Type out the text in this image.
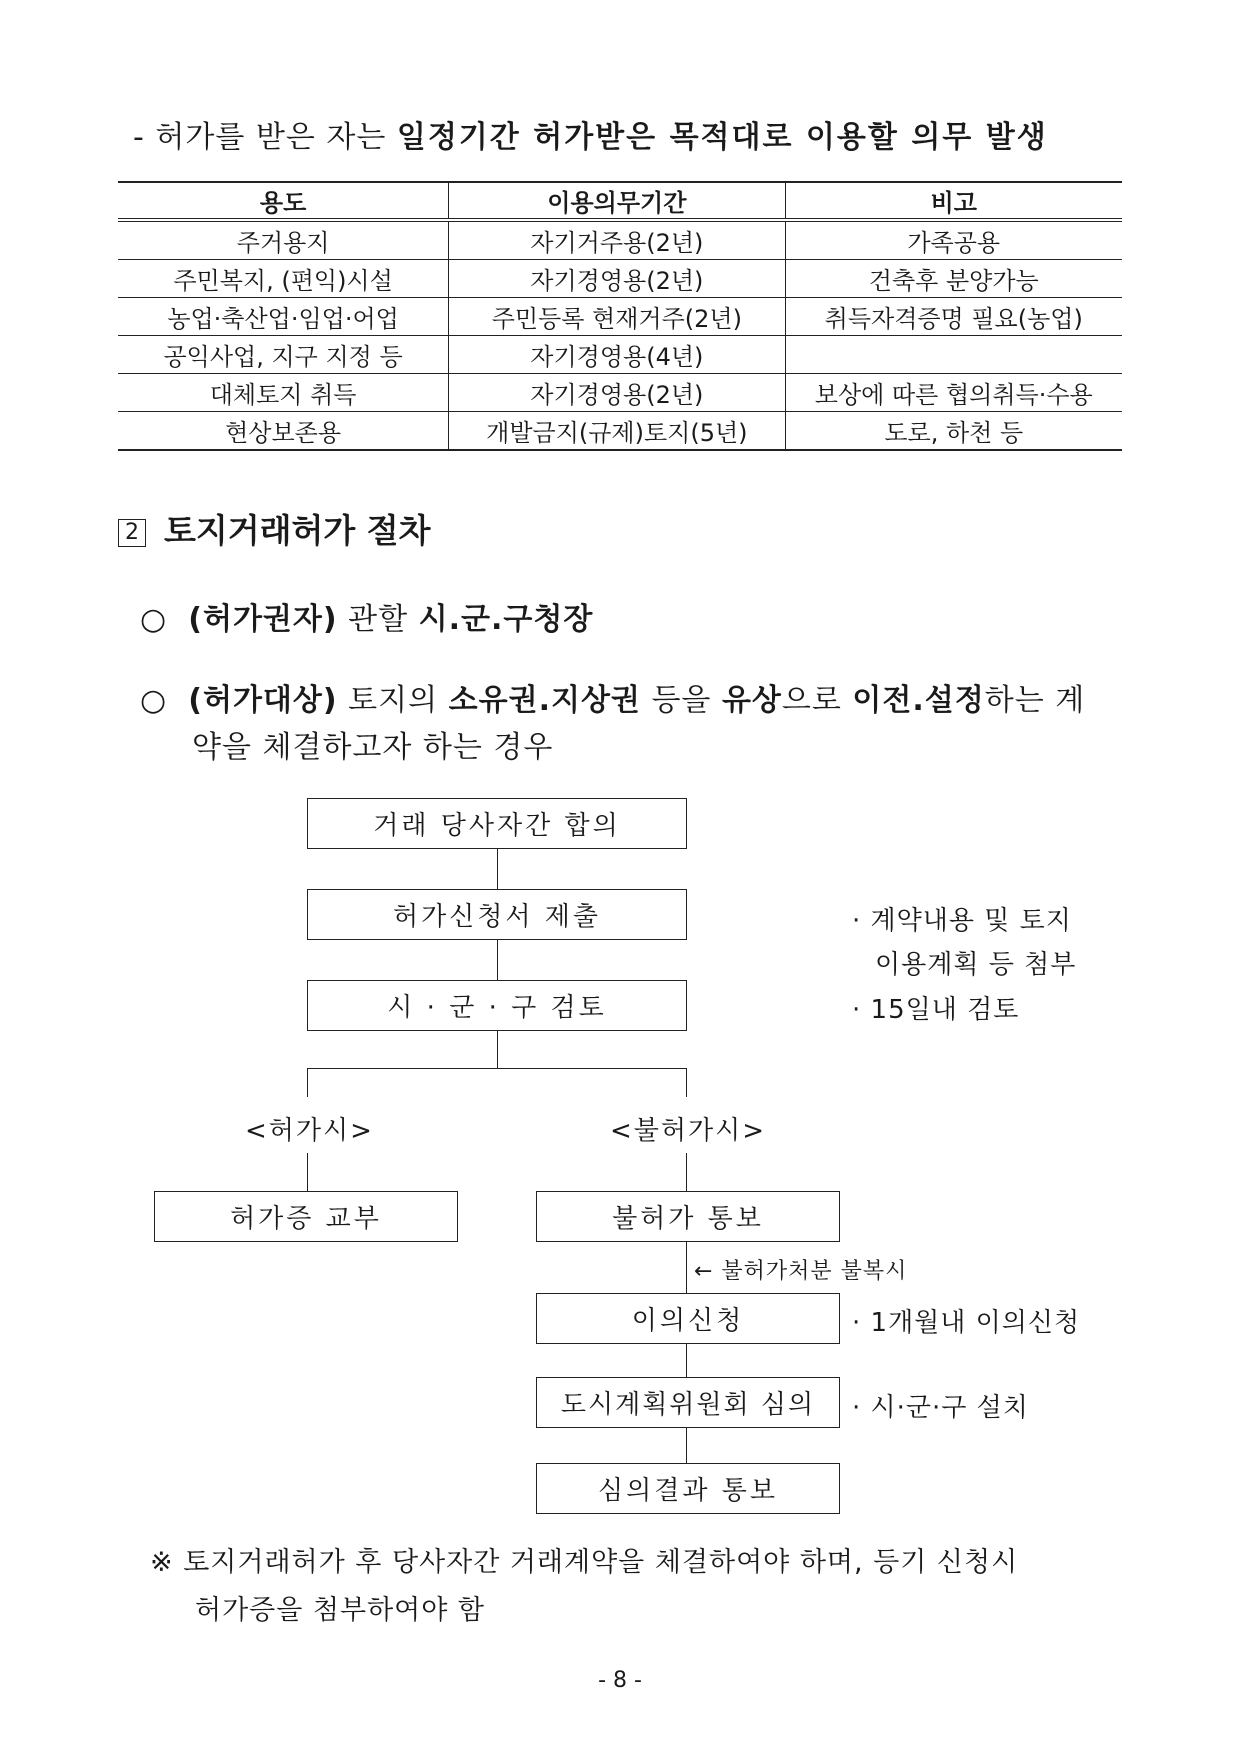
- 허가를 받은 자는 일정기간 허가받은 목적대로 이용할 의무 발생
용도	이용의무기간	비고
주거용지	자기거주용(2년)	가족공용
주민복지, (편익)시설	자기경영용(2년)	건축후 분양가능
농업·축산업·임업·어업	주민등록 현재거주(2년)	취득자격증명 필요(농업)
공익사업, 지구 지정 등	자기경영용(4년)	
대체토지 취득	자기경영용(2년)	보상에 따른 협의취득·수용
현상보존용	개발금지(규제)토지(5년)	도로, 하천 등
2 토지거래허가 절차
○ (허가권자) 관할 시.군.구청장
○ (허가대상) 토지의 소유권.지상권 등을 유상으로 이전.설정하는 계
약을 체결하고자 하는 경우
거래 당사자간 합의
허가신청서 제출
시 · 군 · 구 검토
<허가시>	<불허가시>
허가증 교부	불허가 통보
← 불허가처분 불복시
이의신청
도시계획위원회 심의
심의결과 통보
· 계약내용 및 토지
이용계획 등 첨부
· 15일내 검토
· 1개월내 이의신청
· 시·군·구 설치
※ 토지거래허가 후 당사자간 거래계약을 체결하여야 하며, 등기 신청시
허가증을 첨부하여야 함
- 8 -
